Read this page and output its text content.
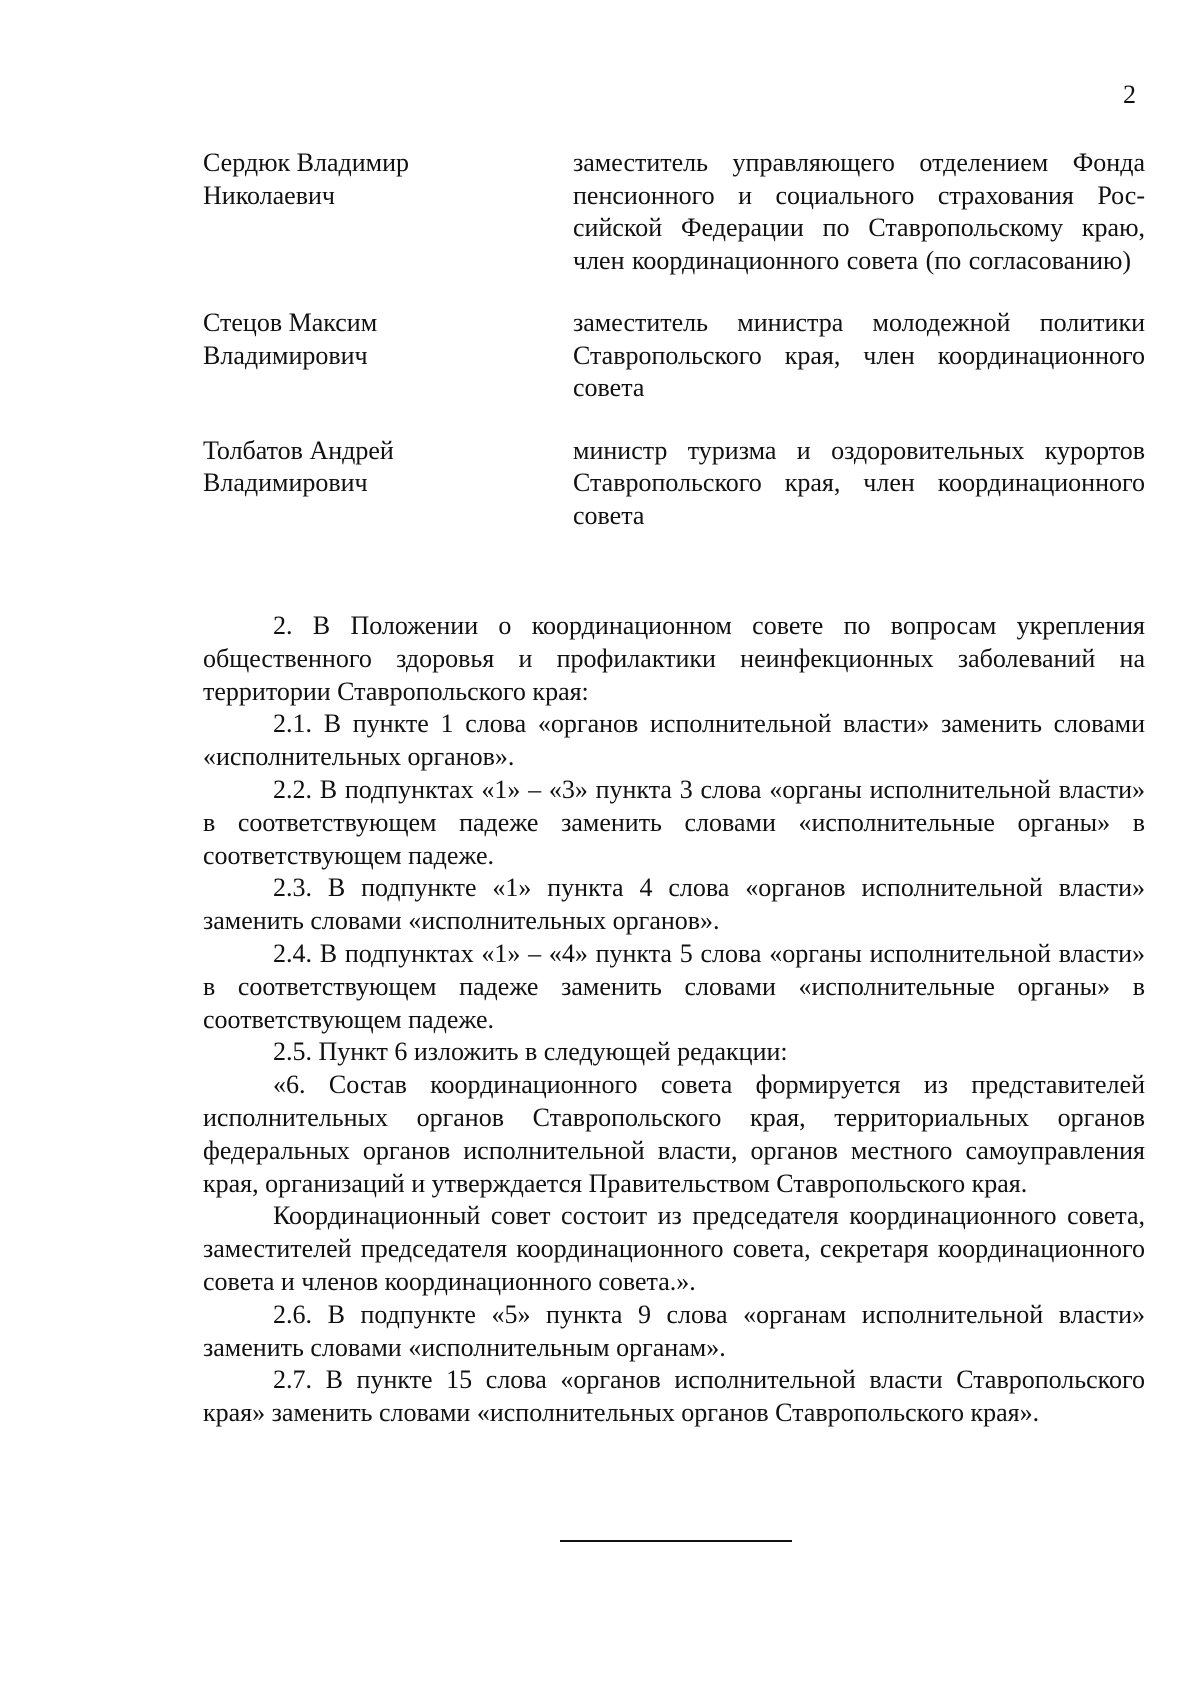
2
Сердюк Владимир
Николаевич
заместитель управляющего отделением Фонда пенсионного и социального страхования Российской Федерации по Ставропольскому краю, член координационного совета (по согласованию)
Стецов Максим
Владимирович
заместитель министра молодежной политики Ставропольского края, член координационного совета
Толбатов Андрей
Владимирович
министр туризма и оздоровительных курортов Ставропольского края, член координационного совета

2. В Положении о координационном совете по вопросам укрепления общественного здоровья и профилактики неинфекционных заболеваний на территории Ставропольского края:

2.1. В пункте 1 слова «органов исполнительной власти» заменить словами «исполнительных органов».

2.2. В подпунктах «1» – «3» пункта 3 слова «органы исполнительной власти» в соответствующем падеже заменить словами «исполнительные органы» в соответствующем падеже.

2.3. В подпункте «1» пункта 4 слова «органов исполнительной власти» заменить словами «исполнительных органов».

2.4. В подпунктах «1» – «4» пункта 5 слова «органы исполнительной власти» в соответствующем падеже заменить словами «исполнительные органы» в соответствующем падеже.

2.5. Пункт 6 изложить в следующей редакции:

«6. Состав координационного совета формируется из представителей исполнительных органов Ставропольского края, территориальных органов федеральных органов исполнительной власти, органов местного самоуправления края, организаций и утверждается Правительством Ставропольского края.

Координационный совет состоит из председателя координационного совета, заместителей председателя координационного совета, секретаря координационного совета и членов координационного совета.».

2.6. В подпункте «5» пункта 9 слова «органам исполнительной власти» заменить словами «исполнительным органам».

2.7. В пункте 15 слова «органов исполнительной власти Ставропольского края» заменить словами «исполнительных органов Ставропольского края».
